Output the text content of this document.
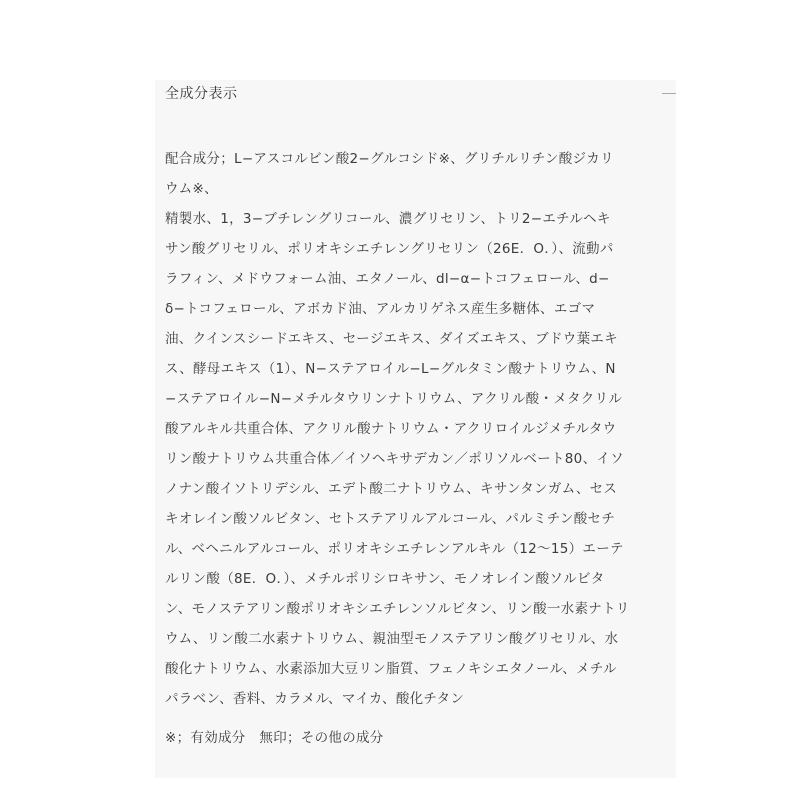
全成分表示
配合成分；L−アスコルビン酸2−グルコシド※、グリチルリチン酸ジカリ
ウム※、
精製水、1，3−ブチレングリコール、濃グリセリン、トリ2−エチルヘキ
サン酸グリセリル、ポリオキシエチレングリセリン（26E．O．）、流動パ
ラフィン、メドウフォーム油、エタノール、dl−α−トコフェロール、d−
δ−トコフェロール、アボカド油、アルカリゲネス産生多糖体、エゴマ
油、クインスシードエキス、セージエキス、ダイズエキス、ブドウ葉エキ
ス、酵母エキス（1）、N−ステアロイル−L−グルタミン酸ナトリウム、N
−ステアロイル−N−メチルタウリンナトリウム、アクリル酸・メタクリル
酸アルキル共重合体、アクリル酸ナトリウム・アクリロイルジメチルタウ
リン酸ナトリウム共重合体／イソヘキサデカン／ポリソルベート80、イソ
ノナン酸イソトリデシル、エデト酸二ナトリウム、キサンタンガム、セス
キオレイン酸ソルビタン、セトステアリルアルコール、パルミチン酸セチ
ル、ベヘニルアルコール、ポリオキシエチレンアルキル（12〜15）エーテ
ルリン酸（8E．O．）、メチルポリシロキサン、モノオレイン酸ソルビタ
ン、モノステアリン酸ポリオキシエチレンソルビタン、リン酸一水素ナトリ
ウム、リン酸二水素ナトリウム、親油型モノステアリン酸グリセリル、水
酸化ナトリウム、水素添加大豆リン脂質、フェノキシエタノール、メチル
パラベン、香料、カラメル、マイカ、酸化チタン
※；有効成分　無印；その他の成分
